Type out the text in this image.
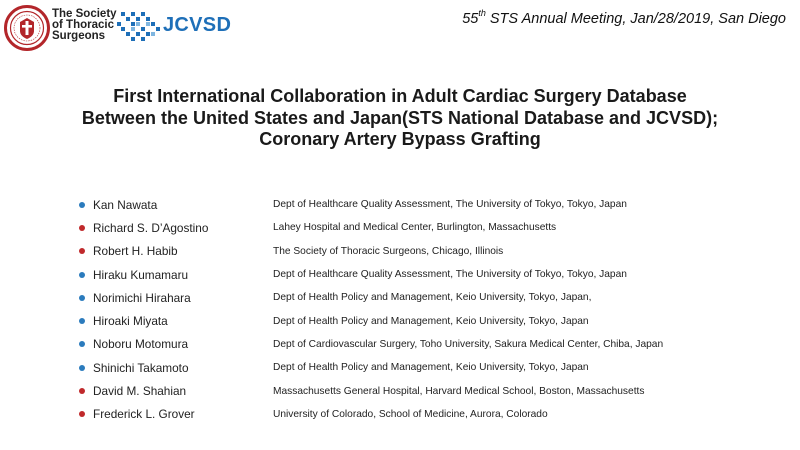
The Society
of Thoracic
Surgeons	JCVSD	55th STS Annual Meeting, Jan/28/2019, San Diego
First International Collaboration in Adult Cardiac Surgery Database
Between the United States and Japan(STS National Database and JCVSD);
Coronary Artery Bypass Grafting
Kan Nawata	Dept of Healthcare Quality Assessment, The University of Tokyo, Tokyo, Japan
Richard S. D’Agostino	Lahey Hospital and Medical Center, Burlington, Massachusetts
Robert H. Habib	The Society of Thoracic Surgeons, Chicago, Illinois
Hiraku Kumamaru	Dept of Healthcare Quality Assessment, The University of Tokyo, Tokyo, Japan
Norimichi Hirahara	Dept of Health Policy and Management, Keio University, Tokyo, Japan,
Hiroaki Miyata	Dept of Health Policy and Management, Keio University, Tokyo, Japan
Noboru Motomura	Dept of Cardiovascular Surgery, Toho University, Sakura Medical Center, Chiba, Japan
Shinichi Takamoto	Dept of Health Policy and Management, Keio University, Tokyo, Japan
David M. Shahian	Massachusetts General Hospital, Harvard Medical School, Boston, Massachusetts
Frederick L. Grover	University of Colorado, School of Medicine, Aurora, Colorado
